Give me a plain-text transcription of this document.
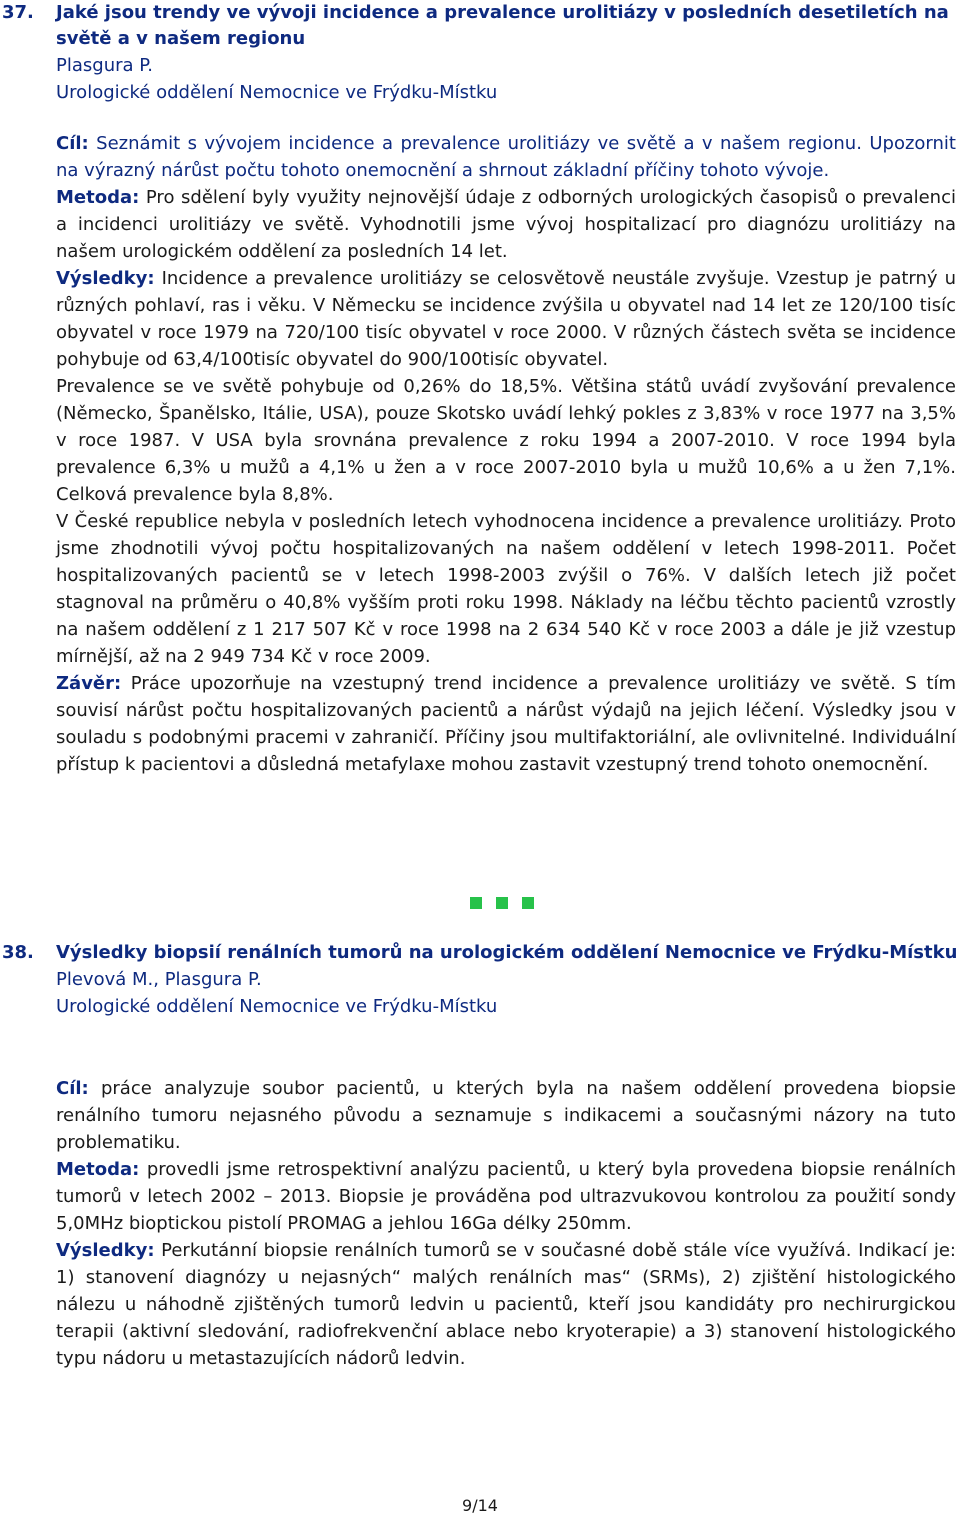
37. Jaké jsou trendy ve vývoji incidence a prevalence urolitiázy v posledních desetiletích na světě a v našem regionu
Plasgura P.
Urologické oddělení Nemocnice ve Frýdku-Místku

Cíl: Seznámit s vývojem incidence a prevalence urolitiázy ve světě a v našem regionu. Upozornit na výrazný nárůst počtu tohoto onemocnění a shrnout základní příčiny tohoto vývoje.

Metoda: Pro sdělení byly využity nejnovější údaje z odborných urologických časopisů o prevalenci a incidenci urolitiázy ve světě. Vyhodnotili jsme vývoj hospitalizací pro diagnózu urolitiázy na našem urologickém oddělení za posledních 14 let.

Výsledky: Incidence a prevalence urolitiázy se celosvětově neustále zvyšuje. Vzestup je patrný u různých pohlaví, ras i věku. V Německu se incidence zvýšila u obyvatel nad 14 let ze 120/100 tisíc obyvatel v roce 1979 na 720/100 tisíc obyvatel v roce 2000. V různých částech světa se incidence pohybuje od 63,4/100tisíc obyvatel do 900/100tisíc obyvatel.

Prevalence se ve světě pohybuje od 0,26% do 18,5%. Většina států uvádí zvyšování prevalence (Německo, Španělsko, Itálie, USA), pouze Skotsko uvádí lehký pokles z 3,83% v roce 1977 na 3,5% v roce 1987. V USA byla srovnána prevalence z roku 1994 a 2007-2010. V roce 1994 byla prevalence 6,3% u mužů a 4,1% u žen a v roce 2007-2010 byla u mužů 10,6% a u žen 7,1%. Celková prevalence byla 8,8%.

V České republice nebyla v posledních letech vyhodnocena incidence a prevalence urolitiázy. Proto jsme zhodnotili vývoj počtu hospitalizovaných na našem oddělení v letech 1998-2011. Počet hospitalizovaných pacientů se v letech 1998-2003 zvýšil o 76%. V dalších letech již počet stagnoval na průměru o 40,8% vyšším proti roku 1998. Náklady na léčbu těchto pacientů vzrostly na našem oddělení z 1 217 507 Kč v roce 1998 na 2 634 540 Kč v roce 2003 a dále je již vzestup mírnější, až na 2 949 734 Kč v roce 2009.

Závěr: Práce upozorňuje na vzestupný trend incidence a prevalence urolitiázy ve světě. S tím souvisí nárůst počtu hospitalizovaných pacientů a nárůst výdajů na jejich léčení. Výsledky jsou v souladu s podobnými pracemi v zahraničí. Příčiny jsou multifaktoriální, ale ovlivnitelné. Individuální přístup k pacientovi a důsledná metafylaxe mohou zastavit vzestupný trend tohoto onemocnění.

38. Výsledky biopsií renálních tumorů na urologickém oddělení Nemocnice ve Frýdku-Místku
Plevová M., Plasgura P.
Urologické oddělení Nemocnice ve Frýdku-Místku

Cíl: práce analyzuje soubor pacientů, u kterých byla na našem oddělení provedena biopsie renálního tumoru nejasného původu a seznamuje s indikacemi a současnými názory na tuto problematiku.

Metoda: provedli jsme retrospektivní analýzu pacientů, u který byla provedena biopsie renálních tumorů v letech 2002 – 2013. Biopsie je prováděna pod ultrazvukovou kontrolou za použití sondy 5,0MHz bioptickou pistolí PROMAG a jehlou 16Ga délky 250mm.

Výsledky: Perkutánní biopsie renálních tumorů se v současné době stále více využívá. Indikací je: 1) stanovení diagnózy u nejasných“ malých renálních mas“ (SRMs), 2) zjištění histologického nálezu u náhodně zjištěných tumorů ledvin u pacientů, kteří jsou kandidáty pro nechirurgickou terapii (aktivní sledování, radiofrekvenční ablace nebo kryoterapie) a 3) stanovení histologického typu nádoru u metastazujících nádorů ledvin.

9/14
